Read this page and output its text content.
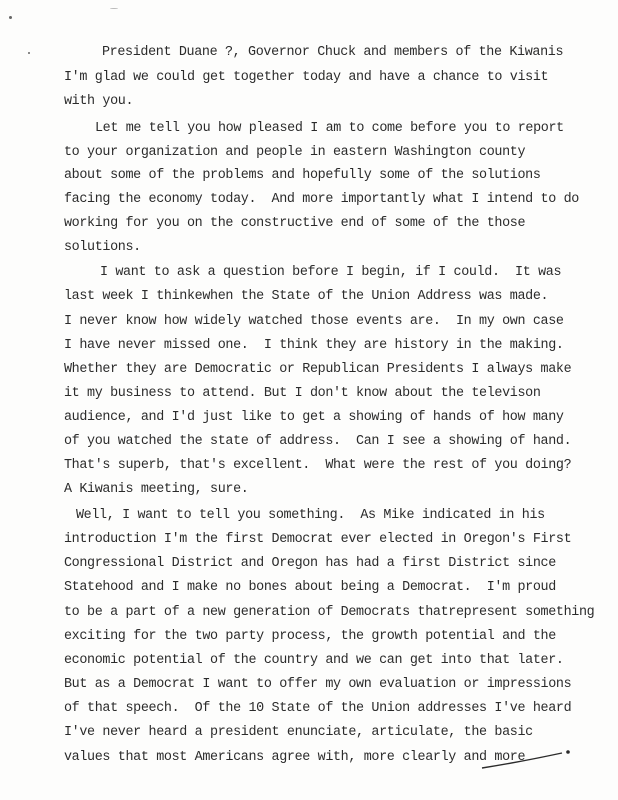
President Duane ?, Governor Chuck and members of the Kiwanis
I'm glad we could get together today and have a chance to visit
with you.
Let me tell you how pleased I am to come before you to report
to your organization and people in eastern Washington county
about some of the problems and hopefully some of the solutions
facing the economy today.  And more importantly what I intend to do
working for you on the constructive end of some of the those
solutions.
I want to ask a question before I begin, if I could.  It was
last week I thinkewhen the State of the Union Address was made.
I never know how widely watched those events are.  In my own case
I have never missed one.  I think they are history in the making.
Whether they are Democratic or Republican Presidents I always make
it my business to attend. But I don't know about the televison
audience, and I'd just like to get a showing of hands of how many
of you watched the state of address.  Can I see a showing of hand.
That's superb, that's excellent.  What were the rest of you doing?
A Kiwanis meeting, sure.
Well, I want to tell you something.  As Mike indicated in his
introduction I'm the first Democrat ever elected in Oregon's First
Congressional District and Oregon has had a first District since
Statehood and I make no bones about being a Democrat.  I'm proud
to be a part of a new generation of Democrats thatrepresent something
exciting for the two party process, the growth potential and the
economic potential of the country and we can get into that later.
But as a Democrat I want to offer my own evaluation or impressions
of that speech.  Of the 10 State of the Union addresses I've heard
I've never heard a president enunciate, articulate, the basic
values that most Americans agree with, more clearly and more
